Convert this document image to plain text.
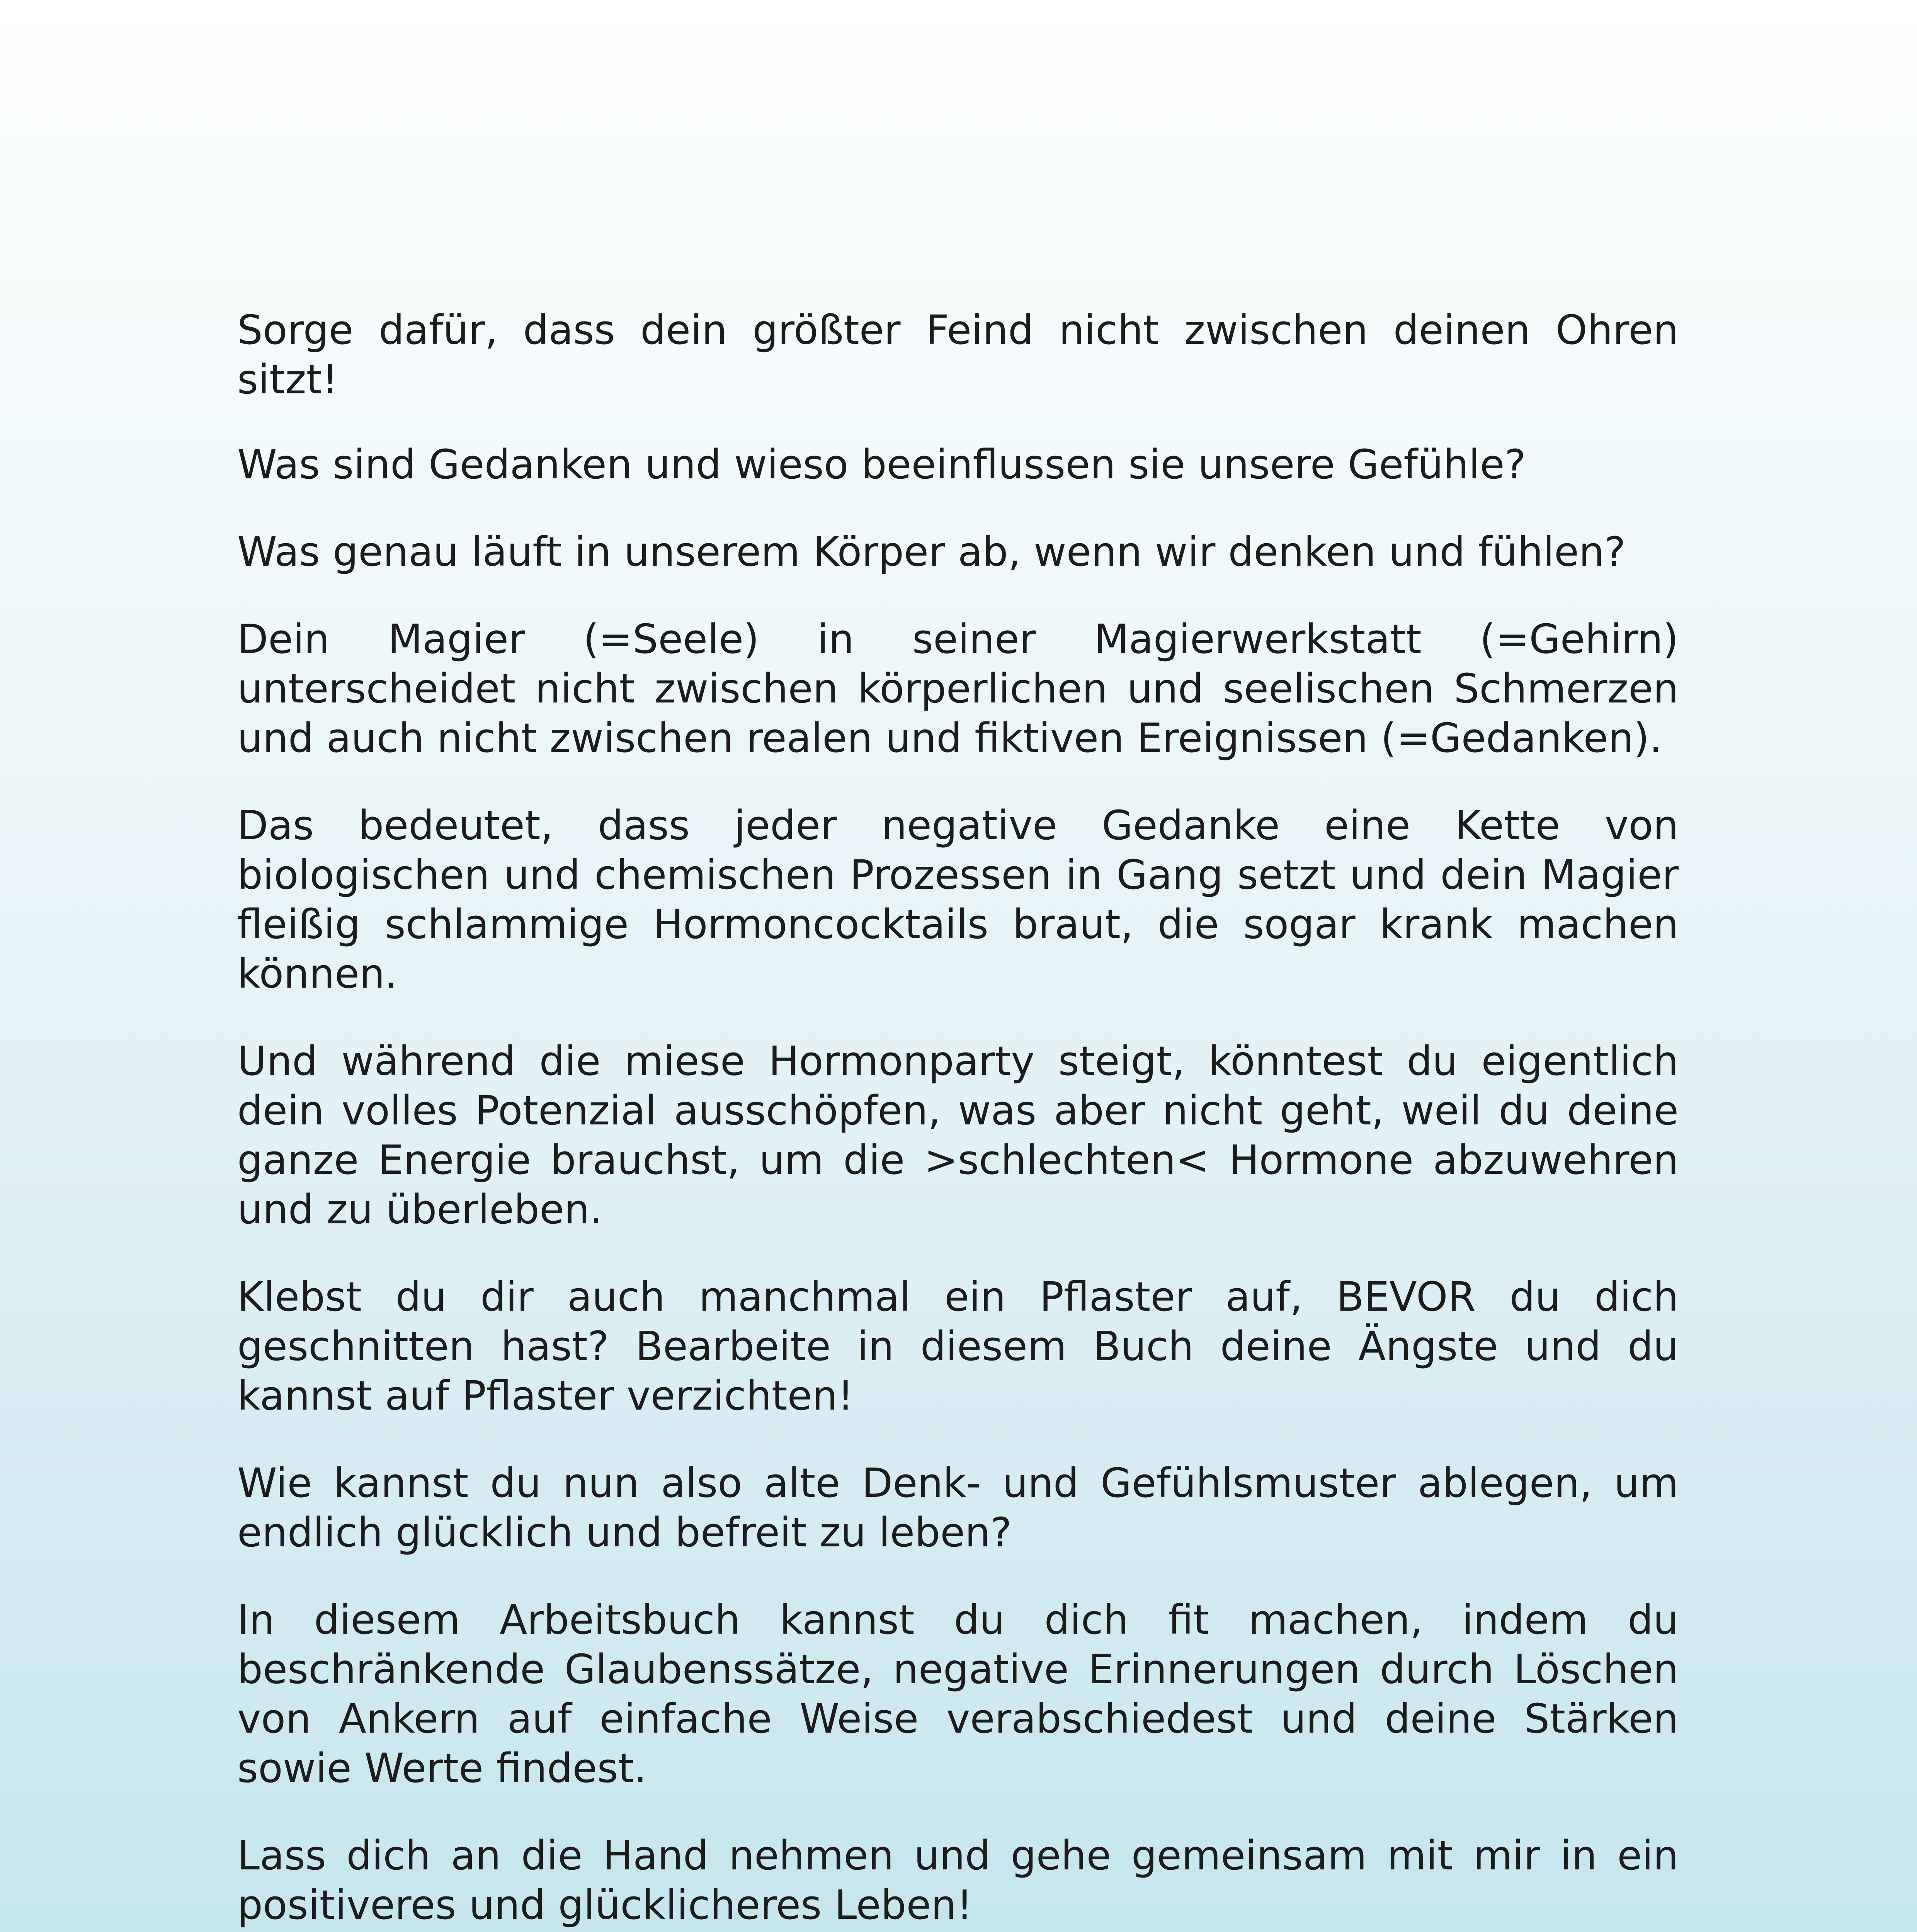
Sorge dafür, dass dein größter Feind nicht zwischen deinen Ohren sitzt!

Was sind Gedanken und wieso beeinflussen sie unsere Gefühle?

Was genau läuft in unserem Körper ab, wenn wir denken und fühlen?

Dein Magier (=Seele) in seiner Magierwerkstatt (=Gehirn) unterscheidet nicht zwischen körperlichen und seelischen Schmerzen und auch nicht zwischen realen und fiktiven Ereignissen (=Gedanken).

Das bedeutet, dass jeder negative Gedanke eine Kette von biologischen und chemischen Prozessen in Gang setzt und dein Magier fleißig schlammige Hormoncocktails braut, die sogar krank machen können.

Und während die miese Hormonparty steigt, könntest du eigentlich dein volles Potenzial ausschöpfen, was aber nicht geht, weil du deine ganze Energie brauchst, um die >schlechten< Hormone abzuwehren und zu überleben.

Klebst du dir auch manchmal ein Pflaster auf, BEVOR du dich geschnitten hast? Bearbeite in diesem Buch deine Ängste und du kannst auf Pflaster verzichten!

Wie kannst du nun also alte Denk- und Gefühlsmuster ablegen, um endlich glücklich und befreit zu leben?

In diesem Arbeitsbuch kannst du dich fit machen, indem du beschränkende Glaubenssätze, negative Erinnerungen durch Löschen von Ankern auf einfache Weise verabschiedest und deine Stärken sowie Werte findest.

Lass dich an die Hand nehmen und gehe gemeinsam mit mir in ein positiveres und glücklicheres Leben!
